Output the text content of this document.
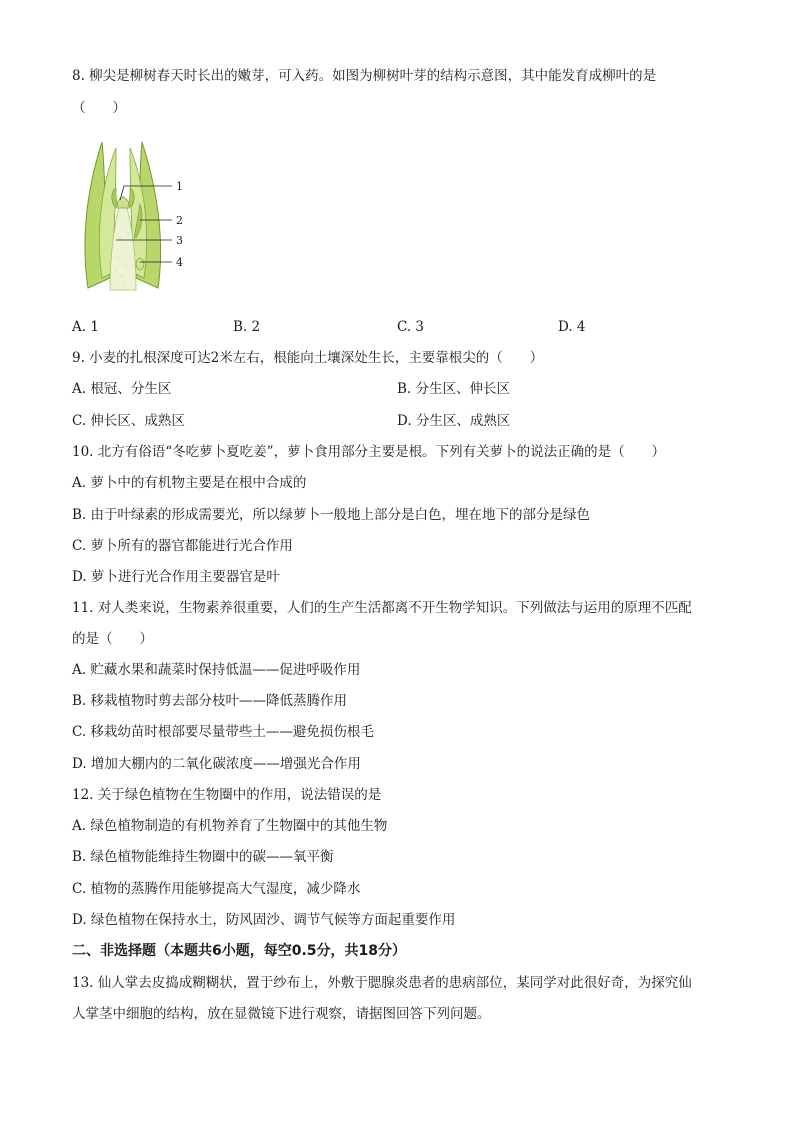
8. 柳尖是柳树春天时长出的嫩芽，可入药。如图为柳树叶芽的结构示意图，其中能发育成柳叶的是
（　　）
1
2
3
4
A. 1	B. 2	C. 3	D. 4
9. 小麦的扎根深度可达2米左右，根能向土壤深处生长，主要靠根尖的（　　）
A. 根冠、分生区	B. 分生区、伸长区
C. 伸长区、成熟区	D. 分生区、成熟区
10. 北方有俗语“冬吃萝卜夏吃姜”，萝卜食用部分主要是根。下列有关萝卜的说法正确的是（　　）
A. 萝卜中的有机物主要是在根中合成的
B. 由于叶绿素的形成需要光，所以绿萝卜一般地上部分是白色，埋在地下的部分是绿色
C. 萝卜所有的器官都能进行光合作用
D. 萝卜进行光合作用主要器官是叶
11. 对人类来说，生物素养很重要，人们的生产生活都离不开生物学知识。下列做法与运用的原理不匹配
的是（　　）
A. 贮藏水果和蔬菜时保持低温——促进呼吸作用
B. 移栽植物时剪去部分枝叶——降低蒸腾作用
C. 移栽幼苗时根部要尽量带些土——避免损伤根毛
D. 增加大棚内的二氧化碳浓度——增强光合作用
12. 关于绿色植物在生物圈中的作用，说法错误的是
A. 绿色植物制造的有机物养育了生物圈中的其他生物
B. 绿色植物能维持生物圈中的碳——氧平衡
C. 植物的蒸腾作用能够提高大气湿度，减少降水
D. 绿色植物在保持水土，防风固沙、调节气候等方面起重要作用
二、非选择题（本题共6小题，每空0.5分，共18分）
13. 仙人掌去皮捣成糊糊状，置于纱布上，外敷于腮腺炎患者的患病部位，某同学对此很好奇，为探究仙
人掌茎中细胞的结构，放在显微镜下进行观察，请据图回答下列问题。
